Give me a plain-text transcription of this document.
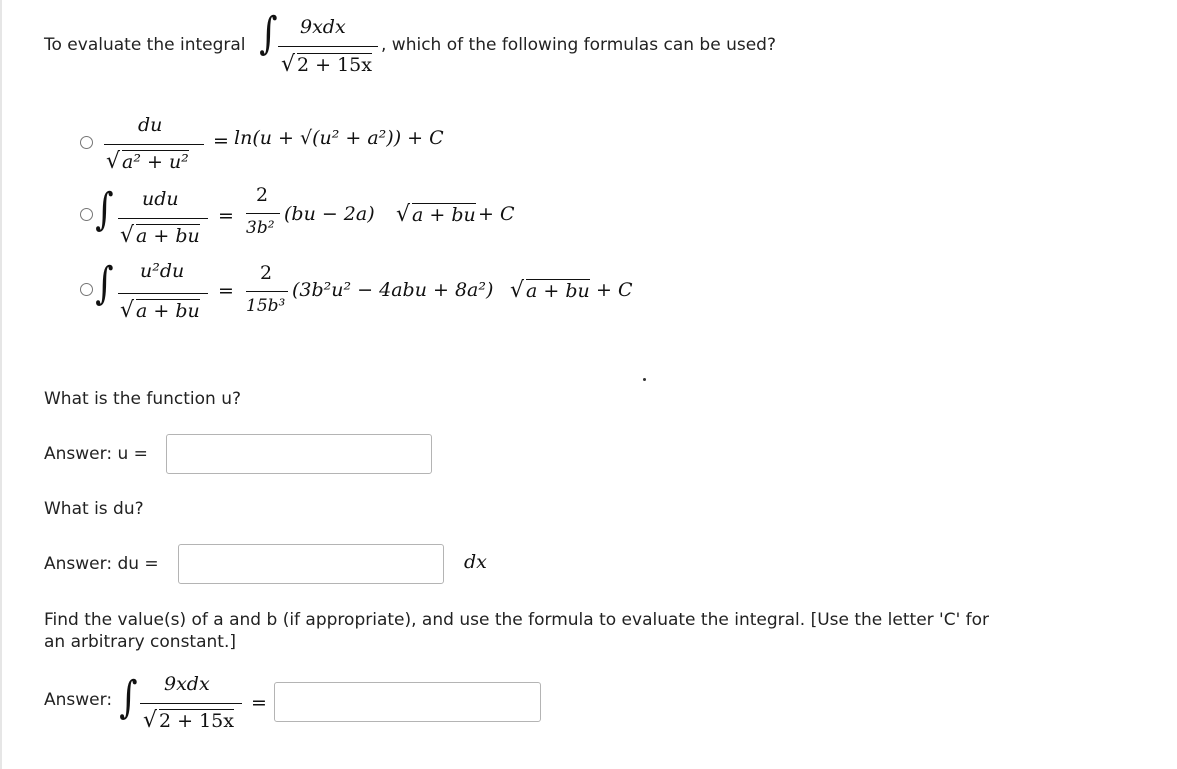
To evaluate the integral ∫ 9xdx
√ 2 + 15x
, which of the following formulas can be used?
du
√ a² + u²
= ln(u + √(u² + a²)) + C
∫ udu
√ a + bu
=
2
3b²
(bu − 2a) √ a + bu + C
∫ u²du
√ a + bu
=
2
15b³
(3b²u² − 4abu + 8a²) √ a + bu + C
What is the function u?
Answer: u =
What is du?
Answer: du =	dx
Find the value(s) of a and b (if appropriate), and use the formula to evaluate the integral. [Use the letter 'C' for an arbitrary constant.]
Answer: ∫ 9xdx
√ 2 + 15x
=
